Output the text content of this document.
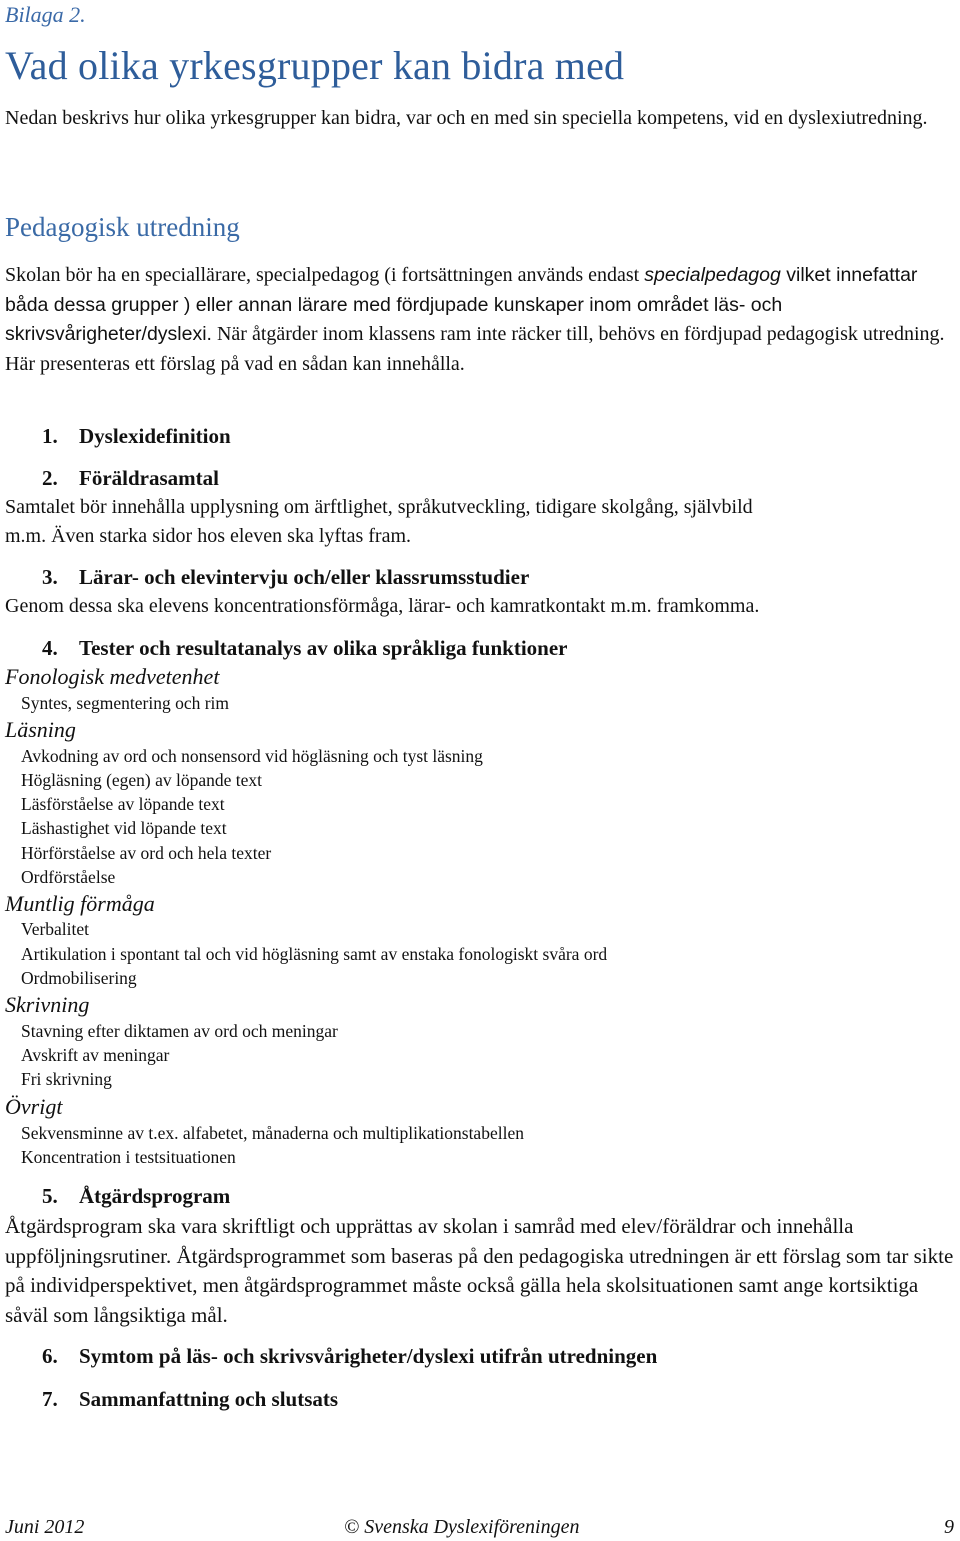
Bilaga 2.
Vad olika yrkesgrupper kan bidra med
Nedan beskrivs hur olika yrkesgrupper kan bidra, var och en med sin speciella kompetens, vid en dyslexiutredning.
Pedagogisk utredning
Skolan bör ha en speciallärare, specialpedagog (i fortsättningen används endast specialpedagog vilket innefattar båda dessa grupper ) eller annan lärare med fördjupade kunskaper inom området läs- och skrivsvårigheter/dyslexi. När åtgärder inom klassens ram inte räcker till, behövs en fördjupad pedagogisk utredning. Här presenteras ett förslag på vad en sådan kan innehålla.
1. Dyslexidefinition
2. Föräldrasamtal
Samtalet bör innehålla upplysning om ärftlighet, språkutveckling, tidigare skolgång, självbild
m.m. Även starka sidor hos eleven ska lyftas fram.
3. Lärar- och elevintervju och/eller klassrumsstudier
Genom dessa ska elevens koncentrationsförmåga, lärar- och kamratkontakt m.m. framkomma.
4. Tester och resultatanalys av olika språkliga funktioner
Fonologisk medvetenhet
Syntes, segmentering och rim
Läsning
Avkodning av ord och nonsensord vid högläsning och tyst läsning
Högläsning (egen) av löpande text
Läsförståelse av löpande text
Läshastighet vid löpande text
Hörförståelse av ord och hela texter
Ordförståelse
Muntlig förmåga
Verbalitet
Artikulation i spontant tal och vid högläsning samt av enstaka fonologiskt svåra ord
Ordmobilisering
Skrivning
Stavning efter diktamen av ord och meningar
Avskrift av meningar
Fri skrivning
Övrigt
Sekvensminne av t.ex. alfabetet, månaderna och multiplikationstabellen
Koncentration i testsituationen
5. Åtgärdsprogram
Åtgärdsprogram ska vara skriftligt och upprättas av skolan i samråd med elev/föräldrar och innehålla uppföljningsrutiner. Åtgärdsprogrammet som baseras på den pedagogiska utredningen är ett förslag som tar sikte på individperspektivet, men åtgärdsprogrammet måste också gälla hela skolsituationen samt ange kortsiktiga såväl som långsiktiga mål.
6. Symtom på läs- och skrivsvårigheter/dyslexi utifrån utredningen
7. Sammanfattning och slutsats
Juni 2012	© Svenska Dyslexiföreningen	9
